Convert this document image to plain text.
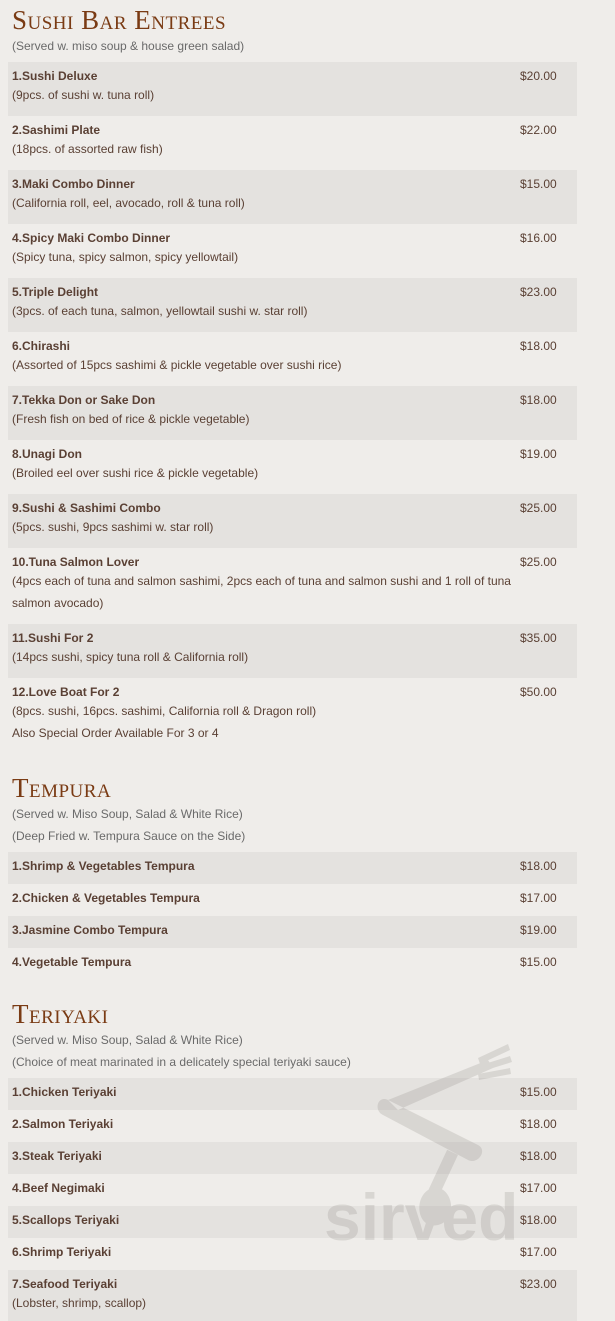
Sushi Bar Entrees
(Served w. miso soup & house green salad)
1.Sushi Deluxe	$20.00
(9pcs. of sushi w. tuna roll)
2.Sashimi Plate	$22.00
(18pcs. of assorted raw fish)
3.Maki Combo Dinner	$15.00
(California roll, eel, avocado, roll & tuna roll)
4.Spicy Maki Combo Dinner	$16.00
(Spicy tuna, spicy salmon, spicy yellowtail)
5.Triple Delight	$23.00
(3pcs. of each tuna, salmon, yellowtail sushi w. star roll)
6.Chirashi	$18.00
(Assorted of 15pcs sashimi & pickle vegetable over sushi rice)
7.Tekka Don or Sake Don	$18.00
(Fresh fish on bed of rice & pickle vegetable)
8.Unagi Don	$19.00
(Broiled eel over sushi rice & pickle vegetable)
9.Sushi & Sashimi Combo	$25.00
(5pcs. sushi, 9pcs sashimi w. star roll)
10.Tuna Salmon Lover	$25.00
(4pcs each of tuna and salmon sashimi, 2pcs each of tuna and salmon sushi and 1 roll of tuna salmon avocado)
11.Sushi For 2	$35.00
(14pcs sushi, spicy tuna roll & California roll)
12.Love Boat For 2	$50.00
(8pcs. sushi, 16pcs. sashimi, California roll & Dragon roll)
Also Special Order Available For 3 or 4
Tempura
(Served w. Miso Soup, Salad & White Rice)
(Deep Fried w. Tempura Sauce on the Side)
1.Shrimp & Vegetables Tempura	$18.00
2.Chicken & Vegetables Tempura	$17.00
3.Jasmine Combo Tempura	$19.00
4.Vegetable Tempura	$15.00
Teriyaki
(Served w. Miso Soup, Salad & White Rice)
(Choice of meat marinated in a delicately special teriyaki sauce)
1.Chicken Teriyaki	$15.00
2.Salmon Teriyaki	$18.00
3.Steak Teriyaki	$18.00
4.Beef Negimaki	$17.00
5.Scallops Teriyaki	$18.00
6.Shrimp Teriyaki	$17.00
7.Seafood Teriyaki	$23.00
(Lobster, shrimp, scallop)
sirved
